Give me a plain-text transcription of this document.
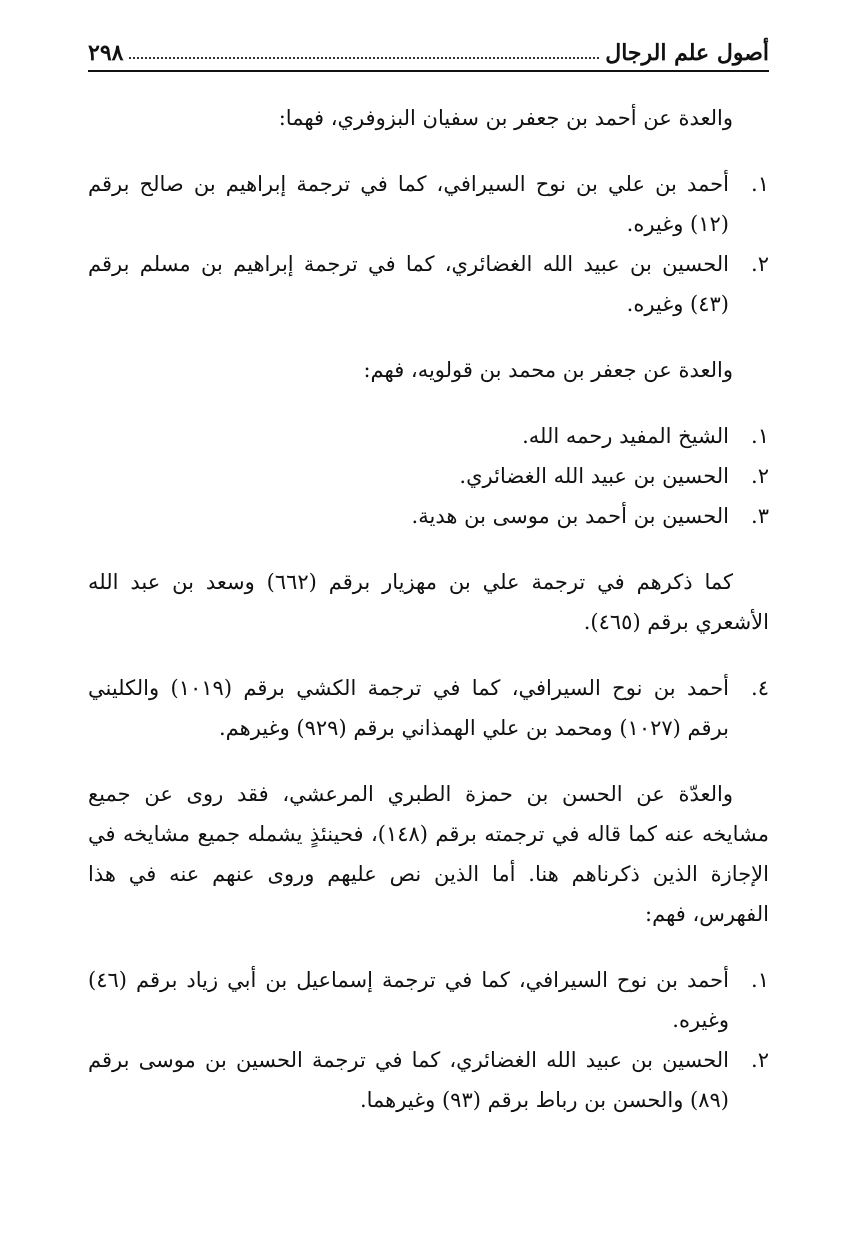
أصول علم الرجال
٢٩٨

والعدة عن أحمد بن جعفر بن سفيان البزوفري، فهما:

١.
أحمد بن علي بن نوح السيرافي، كما في ترجمة إبراهيم بن صالح برقم (١٢) وغيره.
٢.
الحسين بن عبيد الله الغضائري، كما في ترجمة إبراهيم بن مسلم برقم (٤٣) وغيره.

والعدة عن جعفر بن محمد بن قولويه، فهم:

١.
الشيخ المفيد رحمه الله.
٢.
الحسين بن عبيد الله الغضائري.
٣.
الحسين بن أحمد بن موسى بن هدية.

كما ذكرهم في ترجمة علي بن مهزيار برقم (٦٦٢) وسعد بن عبد الله الأشعري برقم (٤٦٥).

٤.
أحمد بن نوح السيرافي، كما في ترجمة الكشي برقم (١٠١٩) والكليني برقم (١٠٢٧) ومحمد بن علي الهمذاني برقم (٩٢٩) وغيرهم.

والعدّة عن الحسن بن حمزة الطبري المرعشي، فقد روى عن جميع مشايخه عنه كما قاله في ترجمته برقم (١٤٨)، فحينئذٍ يشمله جميع مشايخه في الإجازة الذين ذكرناهم هنا. أما الذين نص عليهم وروى عنهم عنه في هذا الفهرس، فهم:

١.
أحمد بن نوح السيرافي، كما في ترجمة إسماعيل بن أبي زياد برقم (٤٦) وغيره.
٢.
الحسين بن عبيد الله الغضائري، كما في ترجمة الحسين بن موسى برقم (٨٩) والحسن بن رباط برقم (٩٣) وغيرهما.
